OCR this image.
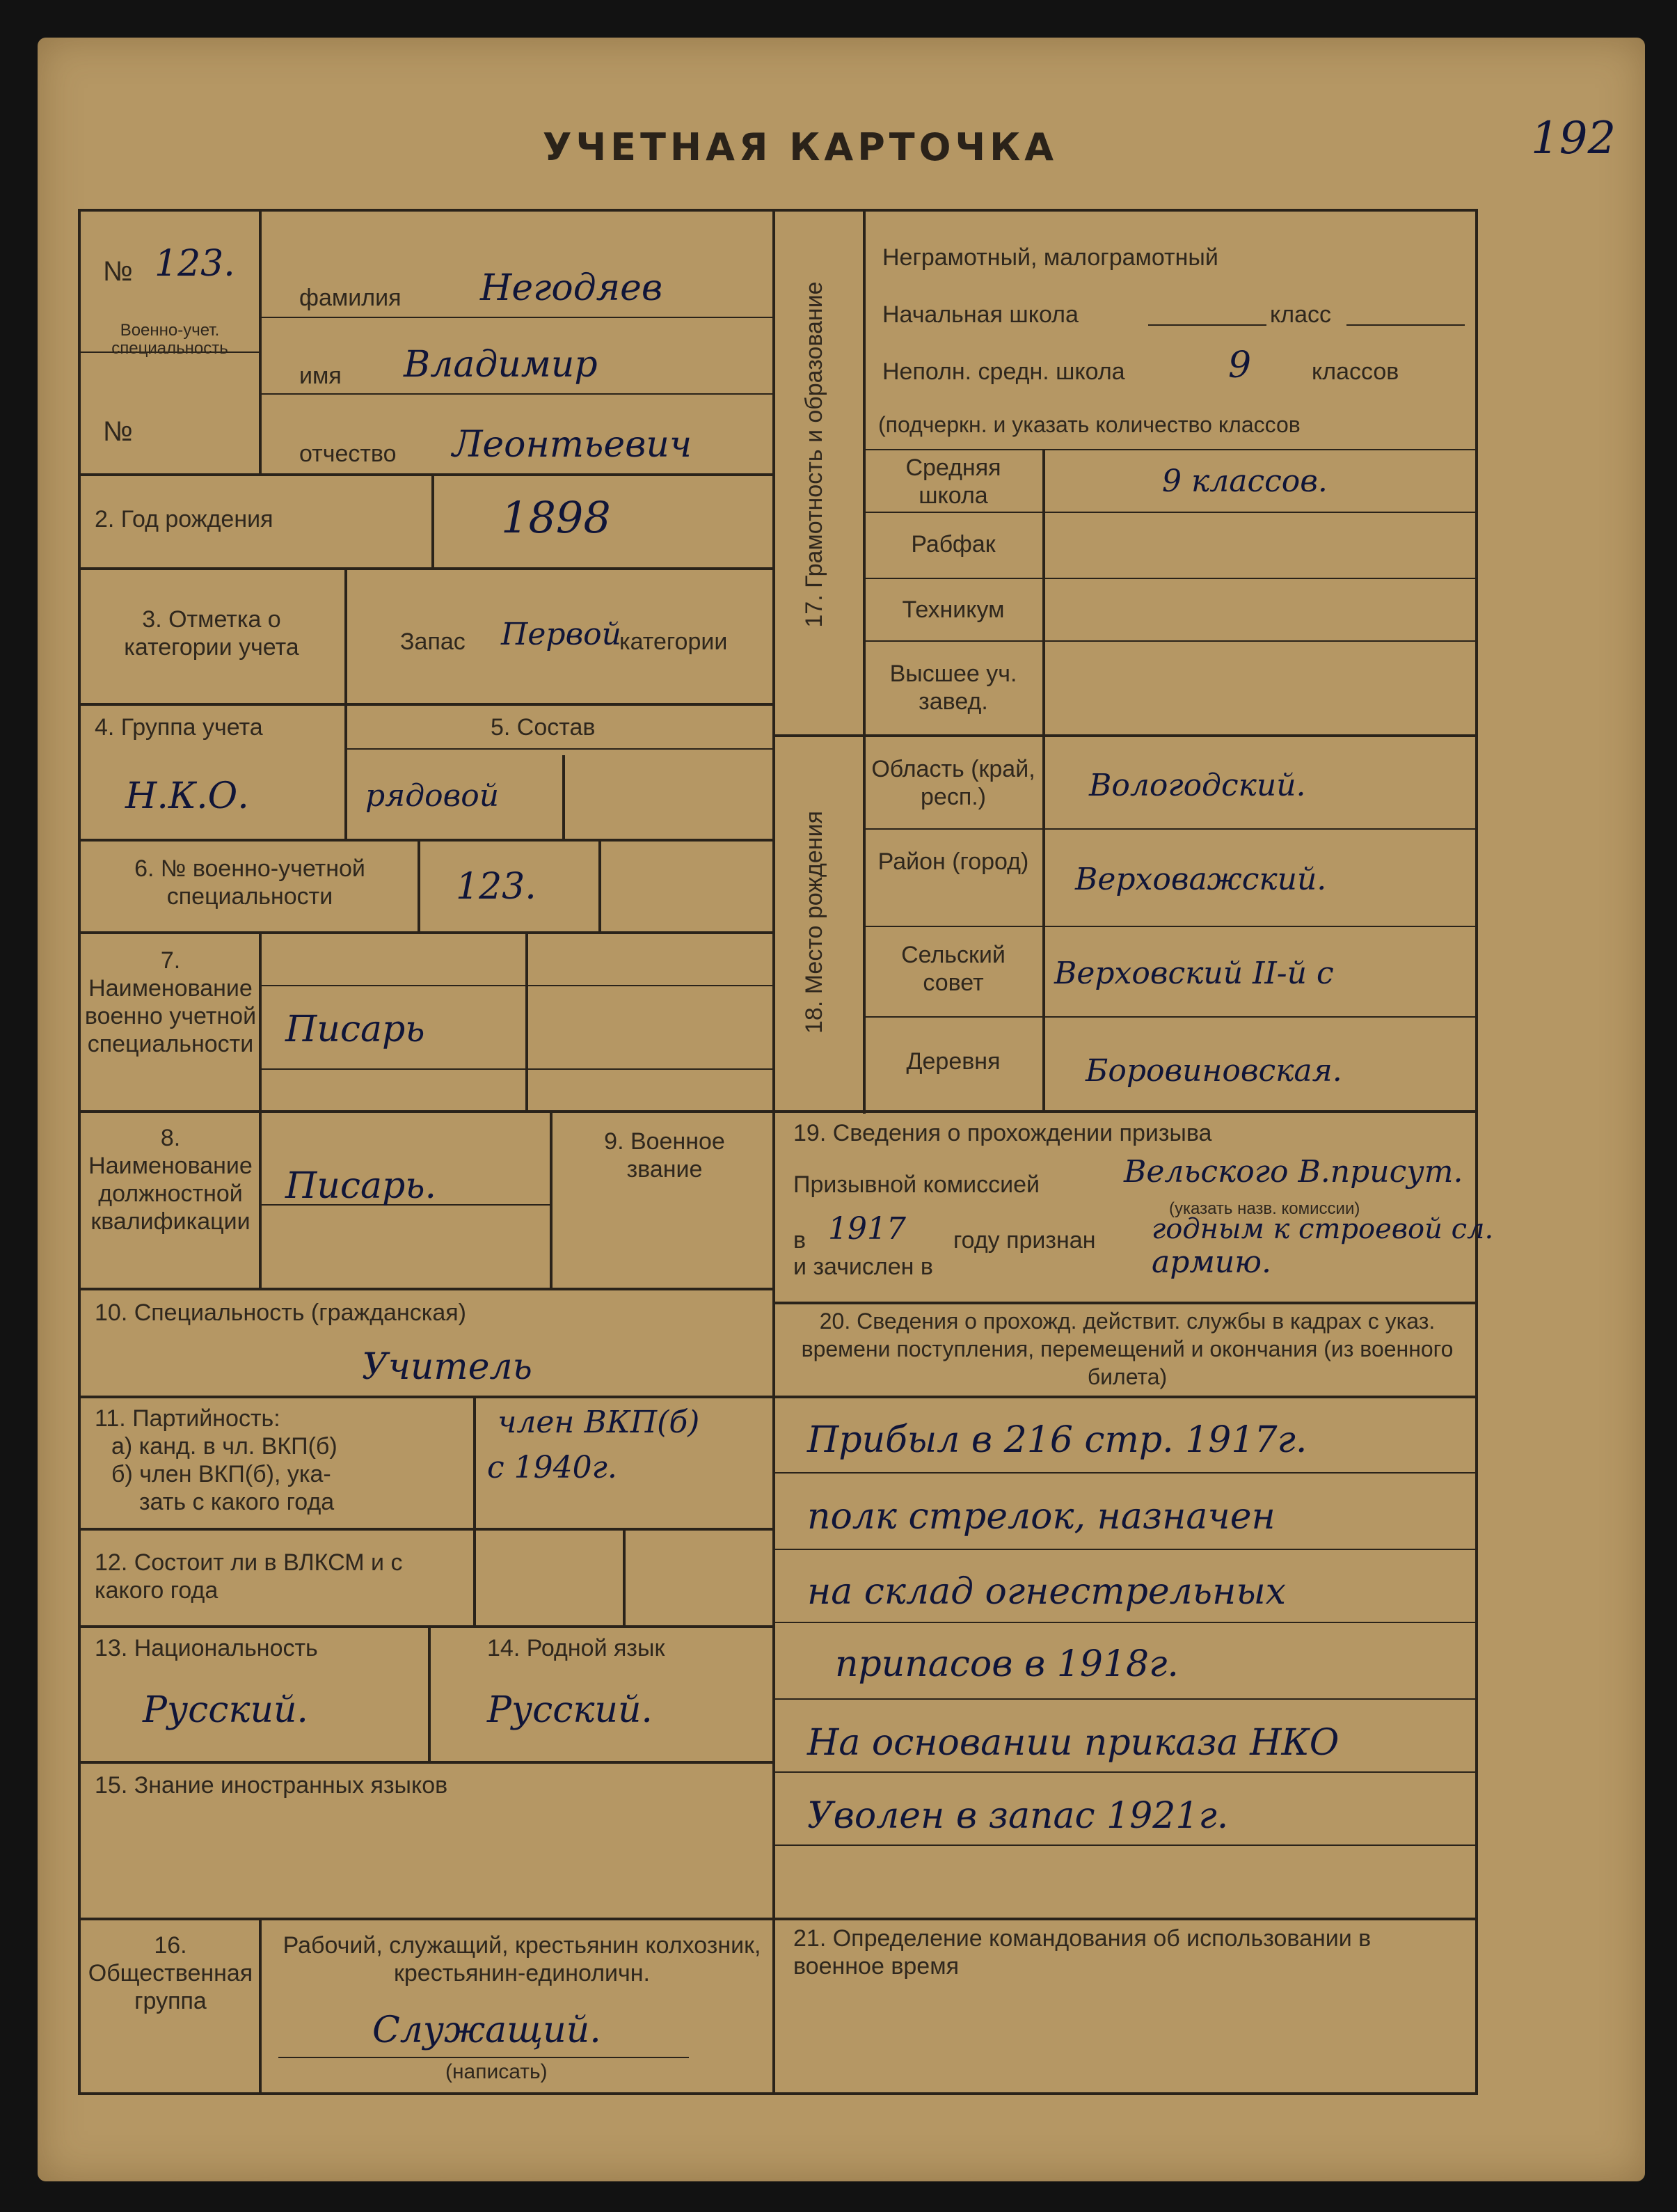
192
УЧЕТНАЯ КАРТОЧКА
№ 123.
Военно-учет. специальность
№
фамилия Негодяев
имя Владимир
отчество Леонтьевич
2. Год рождения	1898
3. Отметка о категории учета	Запас Первой
категории
4. Группа учета
Н.К.О.
5. Состав
рядовой
6. № военно-учетной специальности	123.
7. Наименование военно учетной специальности Писарь
8. Наименование должностной квалификации
Писарь.
9. Военное звание
10. Специальность (гражданская)
Учитель
11. Партийность:
а) канд. в чл. ВКП(б)
б) член ВКП(б), ука-
зать с какого года
член ВКП(б)
с 1940г.
12. Состоит ли в ВЛКСМ и с какого года
13. Национальность
Русский.
14. Родной язык
Русский.
15. Знание иностранных языков
16. Общественная группа
Рабочий, служащий, крестьянин колхозник, крестьянин-единоличн.
Служащий.
(написать)
17. Грамотность и образование
Неграмотный, малограмотный
Начальная школа	класс
Неполн. средн. школа	9	классов
(подчеркн. и указать количество классов
Средняя школа	9 классов.
Рабфак
Техникум
Высшее уч. завед.
18. Место рождения
Область (край, респ.)	Вологодский.
Район (город) Верховажский.
Сельский совет	Верховский II-й с
Деревня	Боровиновская.
19. Сведения о прохождении призыва
Призывной комиссией	Вельского В.присут.
(указать назв. комиссии)
в 1917 году признан годным к строевой сл.
и зачислен в	армию.
20. Сведения о прохожд. действит. службы в кадрах с указ. времени поступления, перемещений и окончания (из военного билета)
Прибыл в 216 стр. 1917г.
полк стрелок, назначен
на склад огнестрельных
припасов в 1918г.
На основании приказа НКО
Уволен в запас 1921г.
21. Определение командования об использовании в военное время
